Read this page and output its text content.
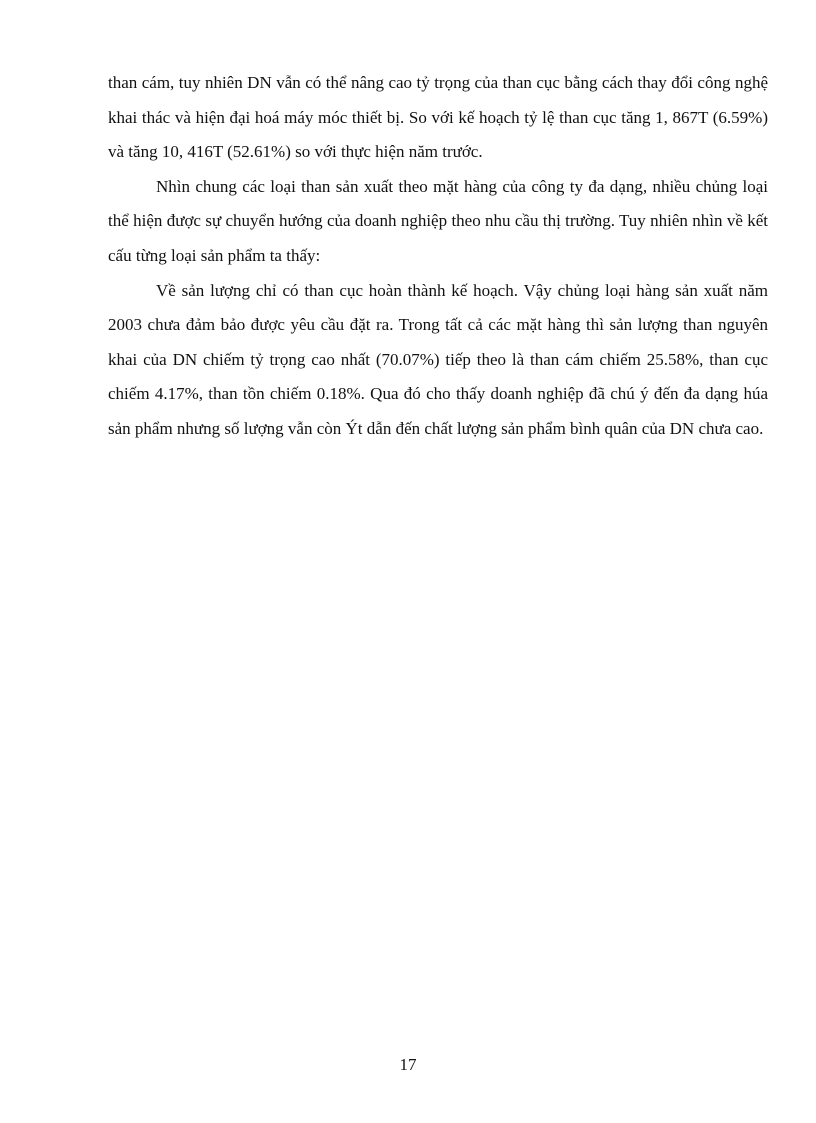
than cám, tuy nhiên DN vẫn có thể nâng cao tỷ trọng của than cục bằng cách thay đổi công nghệ khai thác và hiện đại hoá máy móc thiết bị. So với kế hoạch tỷ lệ than cục tăng 1, 867T (6.59%) và tăng 10, 416T (52.61%) so với thực hiện năm trước.

Nhìn chung các loại than sản xuất theo mặt hàng của công ty đa dạng, nhiều chủng loại thể hiện được sự chuyển hướng của doanh nghiệp theo nhu cầu thị trường. Tuy nhiên nhìn về kết cấu từng loại sản phẩm ta thấy:

Về sản lượng chỉ có than cục hoàn thành kế hoạch. Vậy chủng loại hàng sản xuất năm 2003 chưa đảm bảo được yêu cầu đặt ra. Trong tất cả các mặt hàng thì sản lượng than nguyên khai của DN chiếm tỷ trọng cao nhất (70.07%) tiếp theo là than cám chiếm 25.58%, than cục chiếm 4.17%, than tồn chiếm 0.18%. Qua đó cho thấy doanh nghiệp đã chú ý đến đa dạng húa sản phẩm nhưng số lượng vẫn còn Ýt dẫn đến chất lượng sản phẩm bình quân của DN chưa cao.

17
